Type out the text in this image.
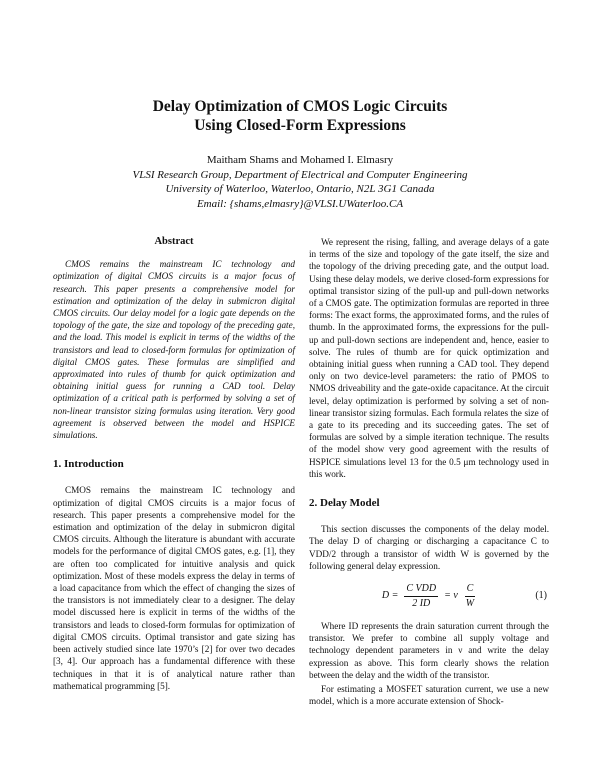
Delay Optimization of CMOS Logic Circuits
Using Closed-Form Expressions
Maitham Shams and Mohamed I. Elmasry
VLSI Research Group, Department of Electrical and Computer Engineering
University of Waterloo, Waterloo, Ontario, N2L 3G1 Canada
Email: {shams,elmasry}@VLSI.UWaterloo.CA
Abstract

CMOS remains the mainstream IC technology and optimization of digital CMOS circuits is a major focus of research. This paper presents a comprehensive model for estimation and optimization of the delay in submicron digital CMOS circuits. Our delay model for a logic gate depends on the topology of the gate, the size and topology of the preceding gate, and the load. This model is explicit in terms of the widths of the transistors and lead to closed-form formulas for optimization of digital CMOS gates. These formulas are simplified and approximated into rules of thumb for quick optimization and obtaining initial guess for running a CAD tool. Delay optimization of a critical path is performed by solving a set of non-linear transistor sizing formulas using iteration. Very good agreement is observed between the model and HSPICE simulations.

1. Introduction

CMOS remains the mainstream IC technology and optimization of digital CMOS circuits is a major focus of research. This paper presents a comprehensive model for the estimation and optimization of the delay in submicron digital CMOS circuits. Although the literature is abundant with accurate models for the performance of digital CMOS gates, e.g. [1], they are often too complicated for intuitive analysis and quick optimization. Most of these models express the delay in terms of a load capacitance from which the effect of changing the sizes of the transistors is not immediately clear to a designer. The delay model discussed here is explicit in terms of the widths of the transistors and leads to closed-form formulas for optimization of digital CMOS circuits. Optimal transistor and gate sizing has been actively studied since late 1970’s [2] for over two decades [3, 4]. Our approach has a fundamental difference with these techniques in that it is of analytical nature rather than mathematical programming [5].

We represent the rising, falling, and average delays of a gate in terms of the size and topology of the gate itself, the size and the topology of the driving preceding gate, and the output load. Using these delay models, we derive closed-form expressions for optimal transistor sizing of the pull-up and pull-down networks of a CMOS gate. The optimization formulas are reported in three forms: The exact forms, the approximated forms, and the rules of thumb. In the approximated forms, the expressions for the pull-up and pull-down sections are independent and, hence, easier to solve. The rules of thumb are for quick optimization and obtaining initial guess when running a CAD tool. They depend only on two device-level parameters: the ratio of PMOS to NMOS driveability and the gate-oxide capacitance. At the circuit level, delay optimization is performed by solving a set of non-linear transistor sizing formulas. Each formula relates the size of a gate to its preceding and its succeeding gates. The set of formulas are solved by a simple iteration technique. The results of the model show very good agreement with the results of HSPICE simulations level 13 for the 0.5 μm technology used in this work.

2. Delay Model

This section discusses the components of the delay model. The delay D of charging or discharging a capacitance C to VDD/2 through a transistor of width W is governed by the following general delay expression.

$D = \frac{\text{C VDD}}{2 ID} = \nu \frac{C}{W}$	(1)

Where ID represents the drain saturation current through the transistor. We prefer to combine all supply voltage and technology dependent parameters in ν and write the delay expression as above. This form clearly shows the relation between the delay and the width of the transistor.

For estimating a MOSFET saturation current, we use a new model, which is a more accurate extension of Shock-
